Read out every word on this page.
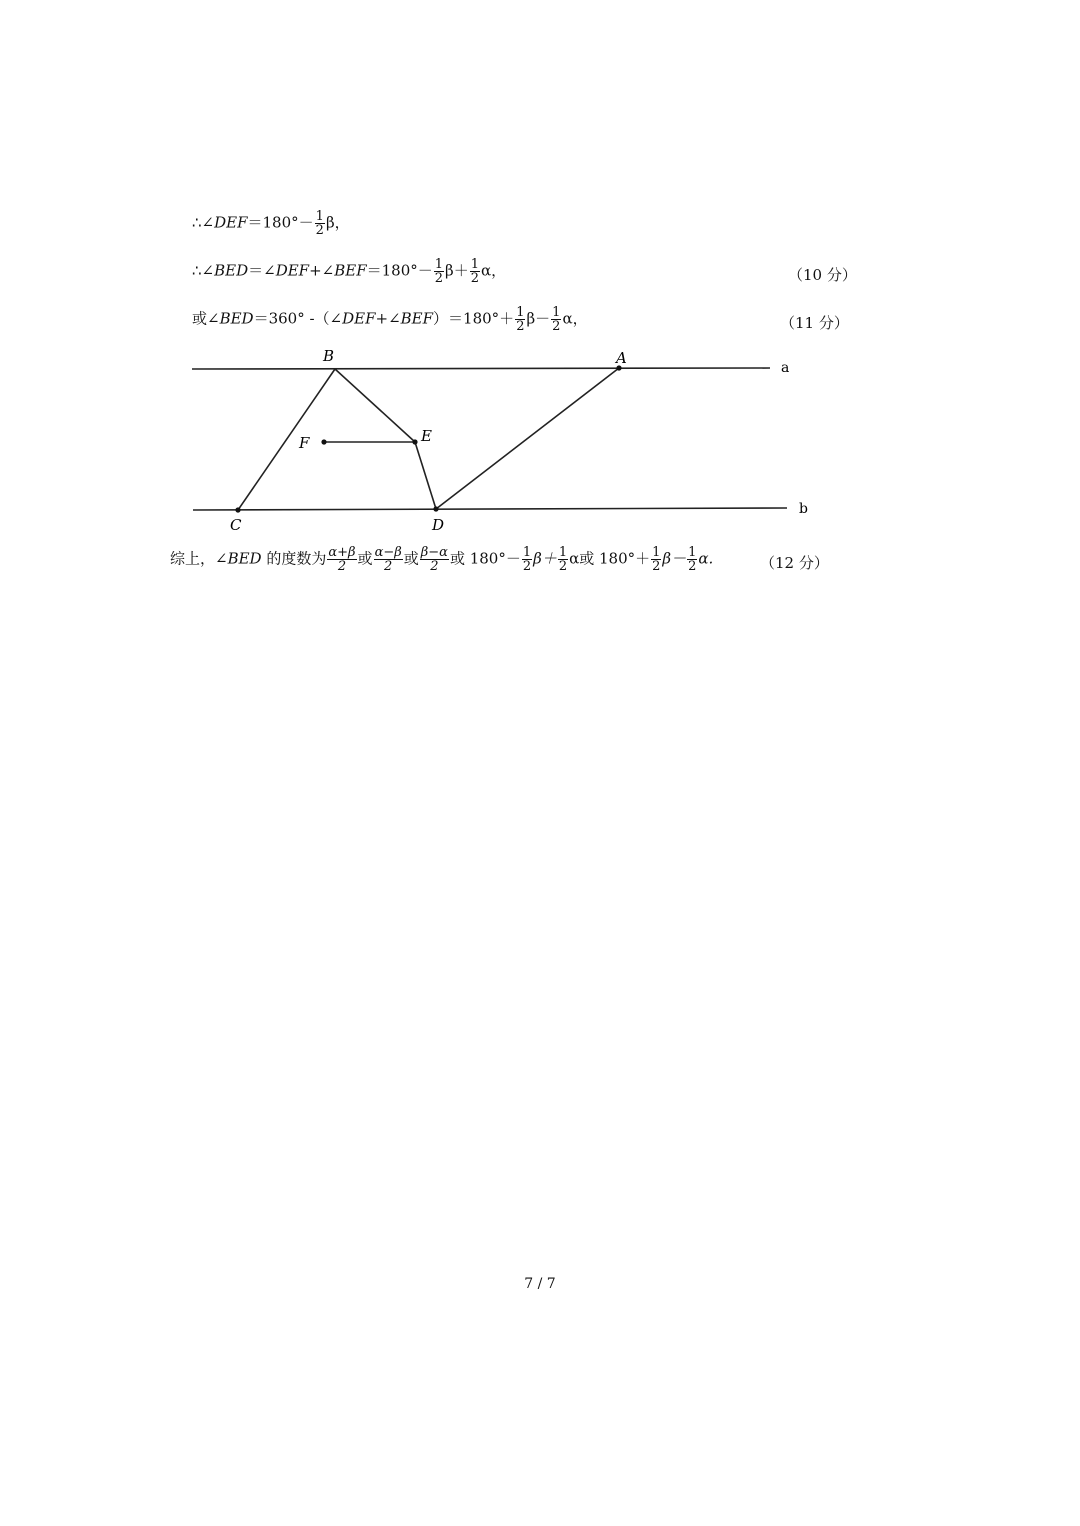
∴∠DEF＝180°－ $\frac{1}{2}$ β，
∴∠BED＝∠DEF+∠BEF＝180°－ $\frac{1}{2} \beta+ \frac{1}{2}$ α，	（10 分）
或∠BED＝360° -（∠DEF+∠BEF）＝180°＋ $\frac{1}{2} \beta- \frac{1}{2}$ α，	（11 分）
B	A
E
F
C	D
a
b
综上，∠BED 的度数为 $\frac{\alpha+\beta}{2}$ 或 $\frac{\alpha-\beta}{2}$ 或 $\frac{\beta-\alpha}{2}$ 或 $180^\circ- \frac{1}{2} \beta+ \frac{1}{2}$ α或 $180^\circ+ \frac{1}{2} \beta- \frac{1}{2} \alpha$.	（12 分）
7 / 7
